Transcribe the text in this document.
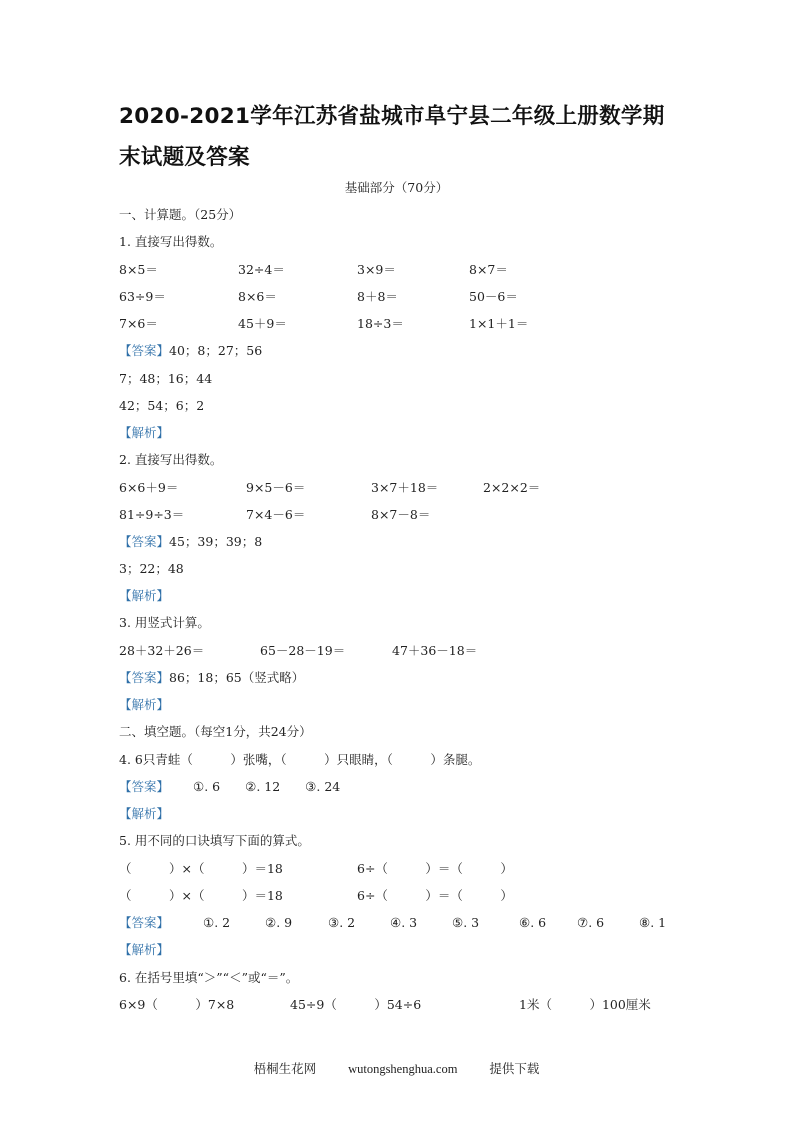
2020-2021学年江苏省盐城市阜宁县二年级上册数学期末试题及答案
基础部分（70分）
一、计算题。（25分）
1. 直接写出得数。
8×5＝	32÷4＝	3×9＝	8×7＝
63÷9＝	8×6＝	8＋8＝	50－6＝
7×6＝	45＋9＝	18÷3＝	1×1＋1＝
【答案】40；8；27；56
7；48；16；44
42；54；6；2
【解析】
2. 直接写出得数。
6×6＋9＝	9×5－6＝	3×7＋18＝	2×2×2＝
81÷9÷3＝	7×4－6＝	8×7－8＝
【答案】45；39；39；8
3；22；48
【解析】
3. 用竖式计算。
28＋32＋26＝	65－28－19＝	47＋36－18＝
【答案】86；18；65（竖式略）
【解析】
二、填空题。（每空1分，共24分）
4. 6只青蛙（　　　）张嘴，（　　　）只眼睛，（　　　）条腿。
【答案】 ①. 6　　②. 12　　③. 24
【解析】
5. 用不同的口诀填写下面的算式。
（　　　）×（　　　）＝18	6÷（　　　）＝（　　　）
（　　　）×（　　　）＝18	6÷（　　　）＝（　　　）
【答案】	①. 2	②. 9	③. 2	④. 3	⑤. 3	⑥. 6 ⑦. 6	⑧. 1
【解析】
6. 在括号里填“＞”“＜”或“＝”。
6×9（　　　）7×8	45÷9（　　　）54÷6	1米（　　　）100厘米
梧桐生花网	wutongshenghua.com	提供下载
